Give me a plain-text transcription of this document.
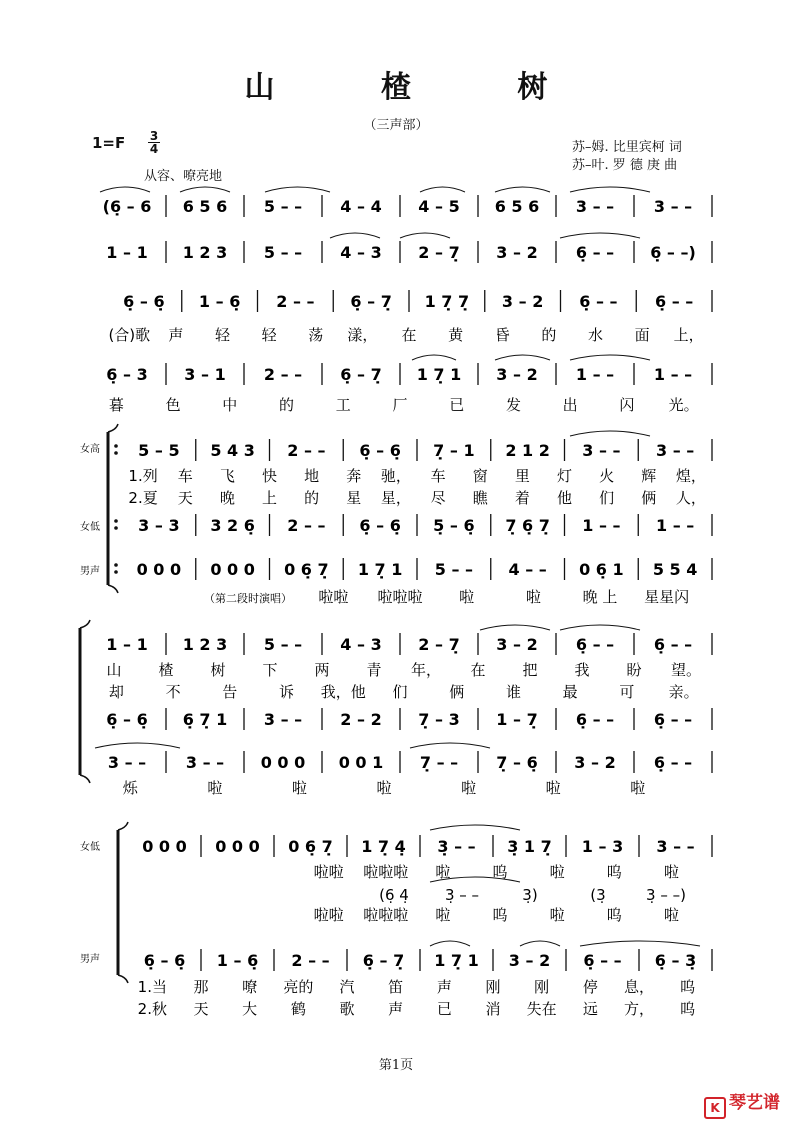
山 楂 树
（三声部）
$1=F \frac{3}{4}$
从容、嘹亮地
苏–姆. 比里宾柯 词
苏–叶. 罗 德 庚 曲
(6̣ – 6 6 5 6 5 – – 4 – 4 4 – 5 6 5 6 3 – – 3 – –
1 – 1 1 2 3 5 – – 4 – 3 2 – 7̣ 3 – 2 6̣ – – 6̣ – –)
6̣ – 6̣ 1 – 6̣ 2 – – 6̣ – 7̣ 1 7̣ 7̣ 3 – 2 6̣ – – 6̣ – –
(合)歌 声 轻 轻 荡 漾， 在 黄 昏 的 水 面 上，
6̣ – 3 3 – 1 2 – – 6̣ – 7̣ 1 7̣ 1 3 – 2 1 – – 1 – –
暮	色	中	的	工	厂	已	发	出	闪 光。
女高
女低
男声
5 – 5 5 4 3 2 – – 6̣ – 6̣ 7̣ – 1 2 1 2 3 – – 3 – –
1.列 车 飞 快 地 奔 驰， 车 窗 里 灯 火 辉 煌，
2.夏 天 晚 上 的 星 星， 尽 瞧 着 他 们 俩 人，
3 – 3 3 2 6̣ 2 – – 6̣ – 6̣ 5̣ – 6̣ 7̣ 6̣ 7̣ 1 – – 1 – –
0 0 0 0 0 0 0 6̣ 7̣ 1 7̣ 1 5 – – 4 – – 0 6̣ 1 5 5 4
（第二段时演唱） 啦啦 啦啦啦 啦	啦	晚 上 星星闪
1 – 1 1 2 3 5 – – 4 – 3 2 – 7̣ 3 – 2 6̣ – – 6̣ – –
山 楂 树 下 两 青 年， 在 把 我 盼 望。
却	不	告	诉 我，他 们	俩	谁	最	可 亲。
6̣ – 6̣ 6̣ 7̣ 1 3 – – 2 – 2 7̣ – 3 1 – 7̣ 6̣ – – 6̣ – –
3 – – 3 – – 0 0 0 0 0 1 7̣ – – 7̣ – 6̣ 3 – 2 6̣ – –
烁	啦	啦	啦	啦	啦	啦
女低
男声
0 0 0 0 0 0 0 6̣ 7̣ 1 7̣ 4̣ 3̣ – – 3̣ 1 7̣ 1 – 3 3 – –
啦啦 啦啦啦 啦	呜	啦	呜	啦
(6̣ 4̣ 3̣ – –	3̣)	(3̣	3̣ – –)
啦啦 啦啦啦 啦	呜	啦	呜	啦
6̣ – 6̣ 1 – 6̣ 2 – – 6̣ – 7̣ 1 7̣ 1 3 – 2 6̣ – – 6̣ – 3̣
1.当 那 嘹 亮的 汽 笛 声 刚 刚 停 息， 呜
2.秋 天 大 鹤 歌 声 已 消 失在 远 方， 呜
第1页
K 琴艺谱
